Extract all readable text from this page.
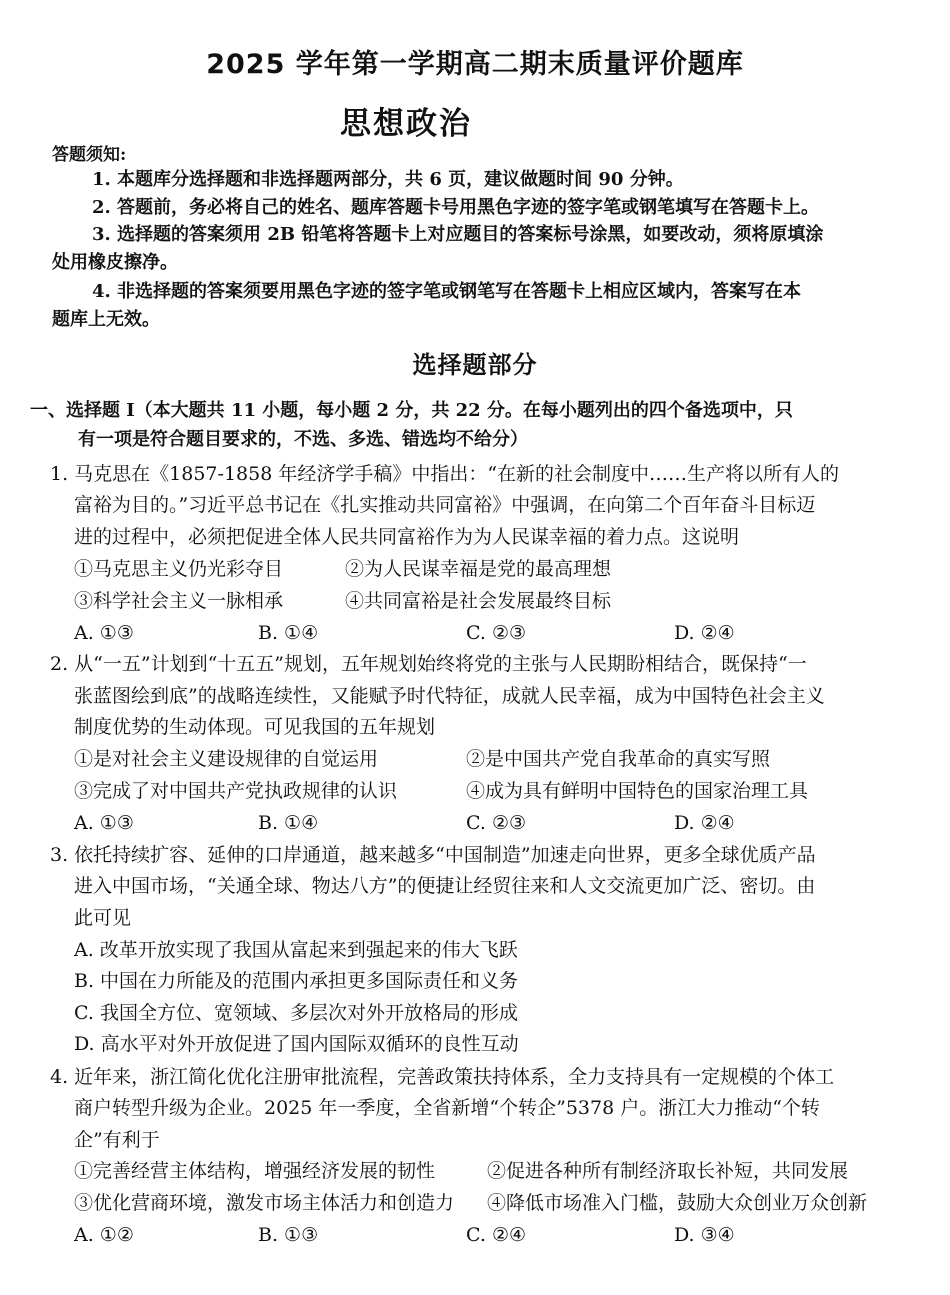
2025 学年第一学期高二期末质量评价题库
思想政治
答题须知:
1. 本题库分选择题和非选择题两部分，共 6 页，建议做题时间 90 分钟。
2. 答题前，务必将自己的姓名、题库答题卡号用黑色字迹的签字笔或钢笔填写在答题卡上。
3. 选择题的答案须用 2B 铅笔将答题卡上对应题目的答案标号涂黑，如要改动，须将原填涂
处用橡皮擦净。
4. 非选择题的答案须要用黑色字迹的签字笔或钢笔写在答题卡上相应区域内，答案写在本
题库上无效。
选择题部分
一、选择题 Ⅰ（本大题共 11 小题，每小题 2 分，共 22 分。在每小题列出的四个备选项中，只
有一项是符合题目要求的，不选、多选、错选均不给分）
1. 马克思在《1857-1858 年经济学手稿》中指出：“在新的社会制度中……生产将以所有人的
富裕为目的。”习近平总书记在《扎实推动共同富裕》中强调，在向第二个百年奋斗目标迈
进的过程中，必须把促进全体人民共同富裕作为为人民谋幸福的着力点。这说明
①马克思主义仍光彩夺目	②为人民谋幸福是党的最高理想
③科学社会主义一脉相承	④共同富裕是社会发展最终目标
A. ①③	B. ①④	C. ②③	D. ②④
2. 从“一五”计划到“十五五”规划，五年规划始终将党的主张与人民期盼相结合，既保持“一
张蓝图绘到底”的战略连续性，又能赋予时代特征，成就人民幸福，成为中国特色社会主义
制度优势的生动体现。可见我国的五年规划
①是对社会主义建设规律的自觉运用	②是中国共产党自我革命的真实写照
③完成了对中国共产党执政规律的认识	④成为具有鲜明中国特色的国家治理工具
A. ①③	B. ①④	C. ②③	D. ②④
3. 依托持续扩容、延伸的口岸通道，越来越多“中国制造”加速走向世界，更多全球优质产品
进入中国市场，“关通全球、物达八方”的便捷让经贸往来和人文交流更加广泛、密切。由
此可见
A. 改革开放实现了我国从富起来到强起来的伟大飞跃
B. 中国在力所能及的范围内承担更多国际责任和义务
C. 我国全方位、宽领域、多层次对外开放格局的形成
D. 高水平对外开放促进了国内国际双循环的良性互动
4. 近年来，浙江简化优化注册审批流程，完善政策扶持体系，全力支持具有一定规模的个体工
商户转型升级为企业。2025 年一季度，全省新增“个转企”5378 户。浙江大力推动“个转
企”有利于
①完善经营主体结构，增强经济发展的韧性	②促进各种所有制经济取长补短，共同发展
③优化营商环境，激发市场主体活力和创造力 ④降低市场准入门槛，鼓励大众创业万众创新
A. ①②	B. ①③	C. ②④	D. ③④
